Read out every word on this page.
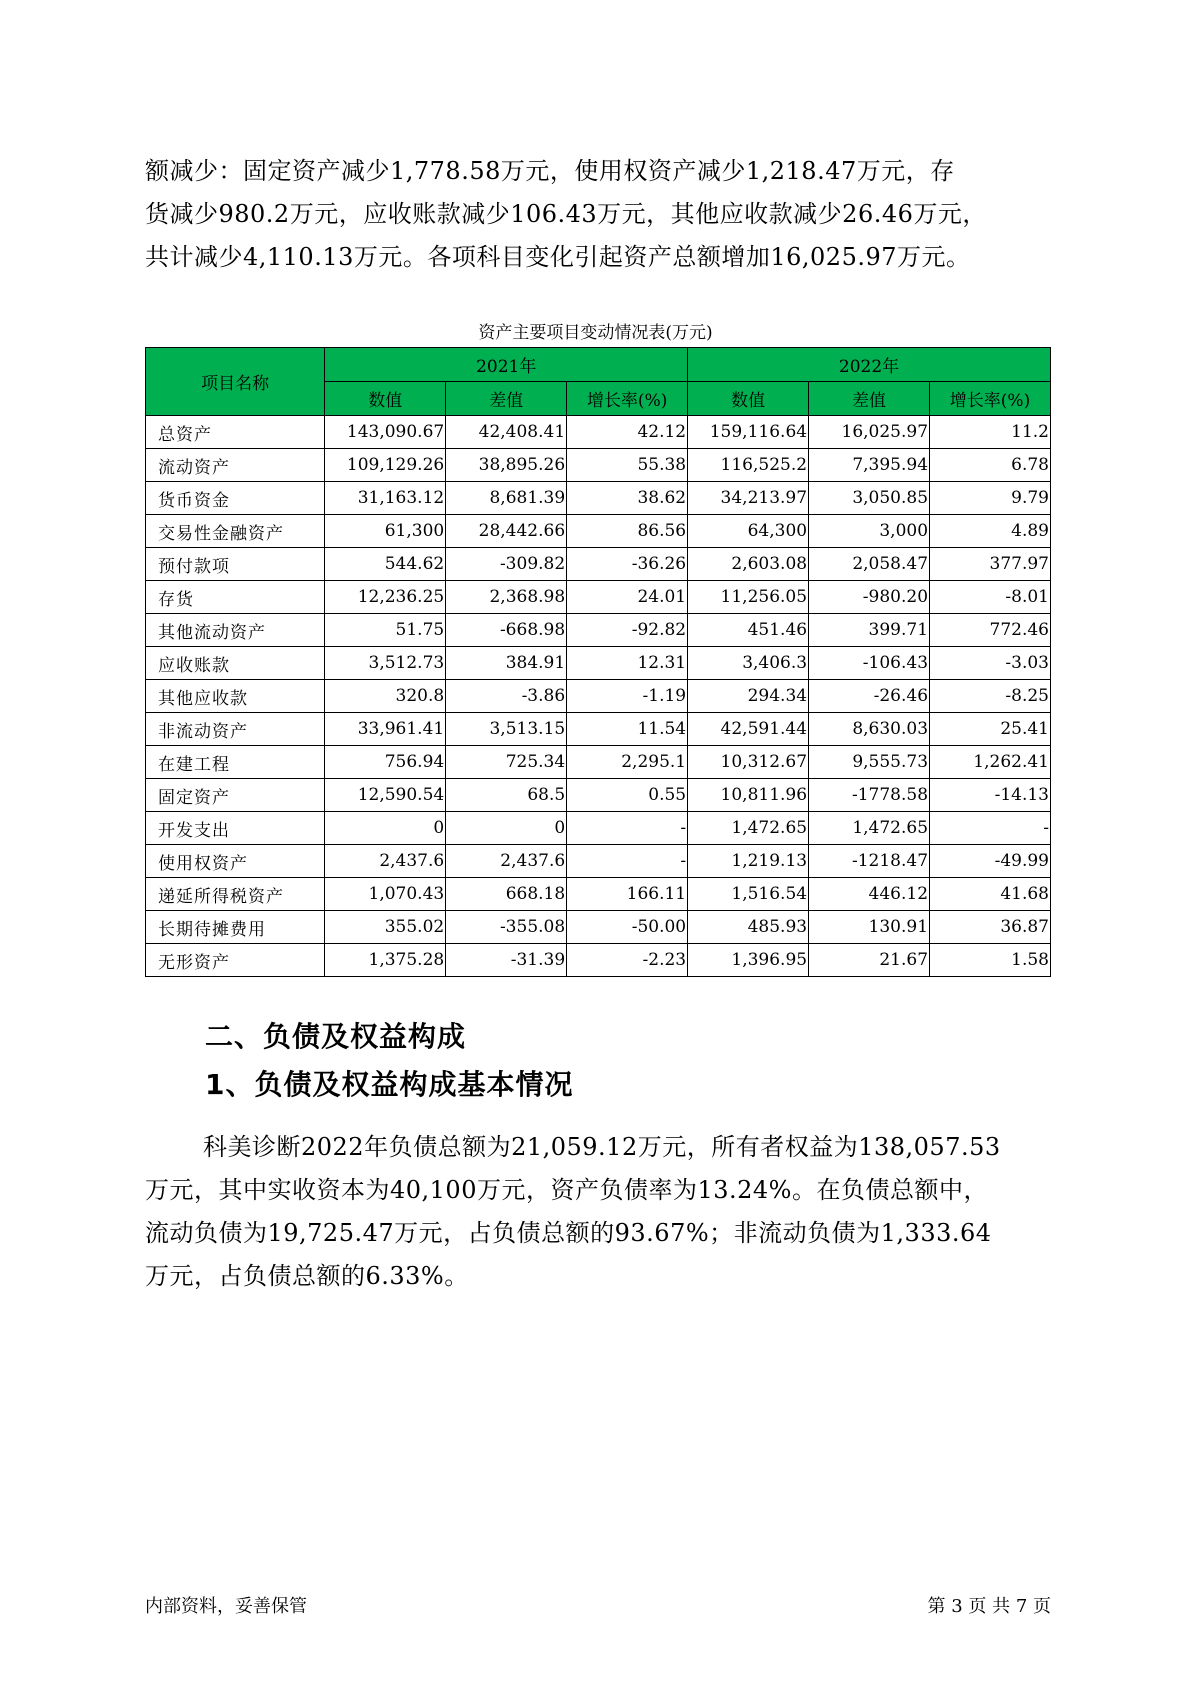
额减少：固定资产减少1,778.58万元，使用权资产减少1,218.47万元，存
货减少980.2万元，应收账款减少106.43万元，其他应收款减少26.46万元，
共计减少4,110.13万元。各项科目变化引起资产总额增加16,025.97万元。
资产主要项目变动情况表(万元)
项目名称	2021年			2022年		
	数值	差值	增长率(%)	数值	差值	增长率(%)
总资产	143,090.67	42,408.41	42.12	159,116.64	16,025.97	11.2
流动资产	109,129.26	38,895.26	55.38	116,525.2	7,395.94	6.78
货币资金	31,163.12	8,681.39	38.62	34,213.97	3,050.85	9.79
交易性金融资产	61,300	28,442.66	86.56	64,300	3,000	4.89
预付款项	544.62	-309.82	-36.26	2,603.08	2,058.47	377.97
存货	12,236.25	2,368.98	24.01	11,256.05	-980.20	-8.01
其他流动资产	51.75	-668.98	-92.82	451.46	399.71	772.46
应收账款	3,512.73	384.91	12.31	3,406.3	-106.43	-3.03
其他应收款	320.8	-3.86	-1.19	294.34	-26.46	-8.25
非流动资产	33,961.41	3,513.15	11.54	42,591.44	8,630.03	25.41
在建工程	756.94	725.34	2,295.1	10,312.67	9,555.73	1,262.41
固定资产	12,590.54	68.5	0.55	10,811.96	-1778.58	-14.13
开发支出	0	0	-	1,472.65	1,472.65	-
使用权资产	2,437.6	2,437.6	-	1,219.13	-1218.47	-49.99
递延所得税资产	1,070.43	668.18	166.11	1,516.54	446.12	41.68
长期待摊费用	355.02	-355.08	-50.00	485.93	130.91	36.87
无形资产	1,375.28	-31.39	-2.23	1,396.95	21.67	1.58
二、负债及权益构成
1、负债及权益构成基本情况
科美诊断2022年负债总额为21,059.12万元，所有者权益为138,057.53
万元，其中实收资本为40,100万元，资产负债率为13.24%。在负债总额中，
流动负债为19,725.47万元，占负债总额的93.67%；非流动负债为1,333.64
万元，占负债总额的6.33%。
内部资料，妥善保管	第 3 页 共 7 页
